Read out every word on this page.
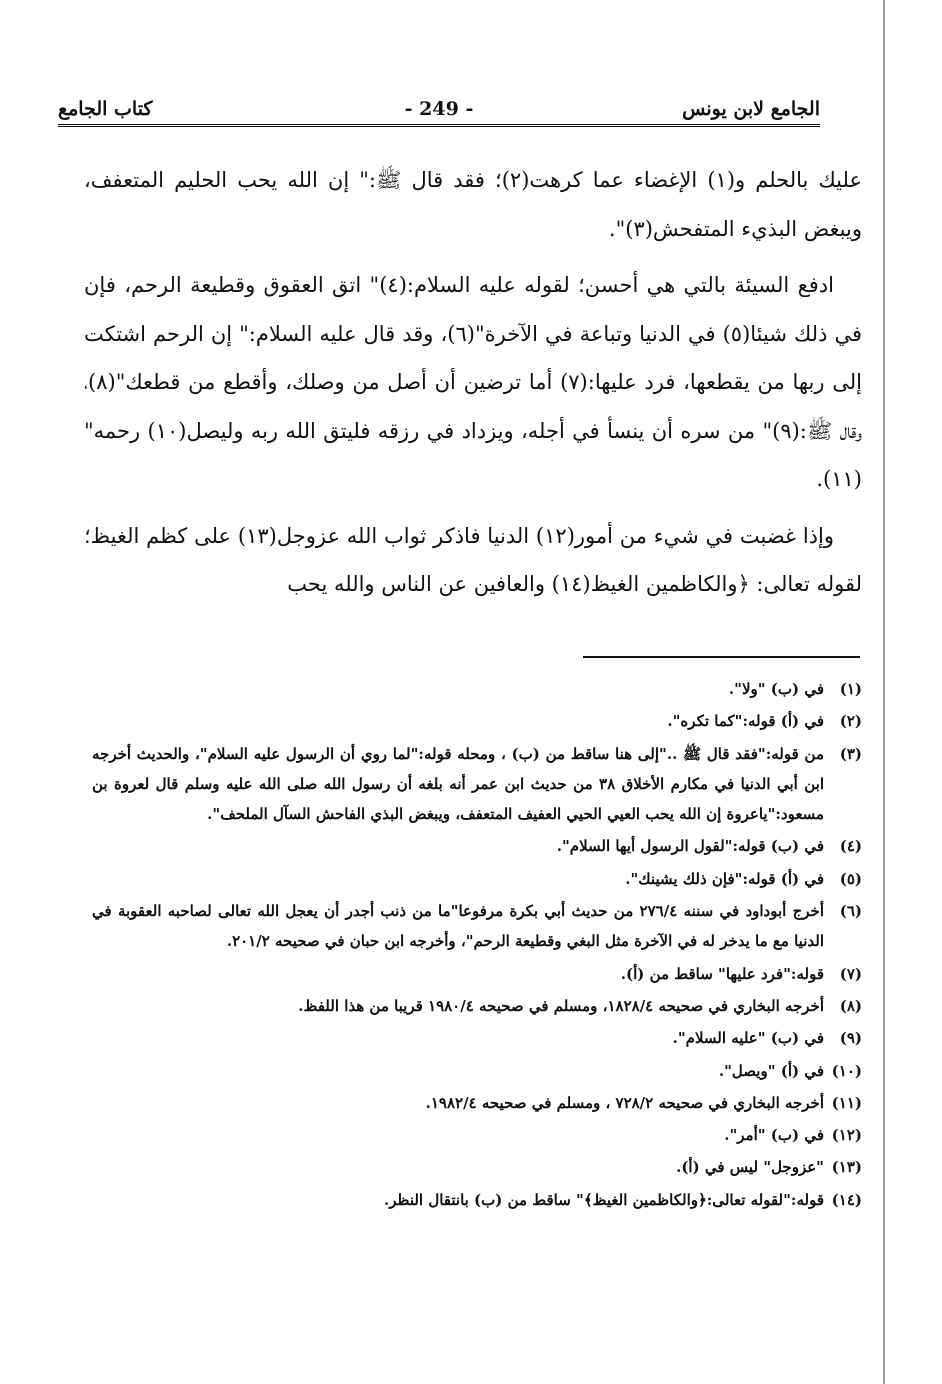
الجامع لابن يونس
- 249 -
كتاب الجامع

عليك بالحلم و(١) الإغضاء عما كرهت(٢)؛ فقد قال ﷺ:" إن الله يحب الحليم المتعفف، ويبغض البذيء المتفحش(٣)".

ادفع السيئة بالتي هي أحسن؛ لقوله عليه السلام:(٤)" اتق العقوق وقطيعة الرحم، فإن في ذلك شيئا(٥) في الدنيا وتباعة في الآخرة"(٦)، وقد قال عليه السلام:" إن الرحم اشتكت إلى ربها من يقطعها، فرد عليها:(٧) أما ترضين أن أصل من وصلك، وأقطع من قطعك"(٨)، وقال ﷺ:(٩)" من سره أن ينسأ في أجله، ويزداد في رزقه فليتق الله ربه وليصل(١٠) رحمه"(١١).

وإذا غضبت في شيء من أمور(١٢) الدنيا فاذكر ثواب الله عزوجل(١٣) على كظم الغيظ؛ لقوله تعالى: ﴿والكاظمين الغيظ(١٤) والعافين عن الناس والله يحب

(١)
في (ب) "ولا".
(٢)
في (أ) قوله:"كما تكره".
(٣)
من قوله:"فقد قال ﷺ .."إلى هنا ساقط من (ب) ، ومحله قوله:"لما روي أن الرسول عليه السلام"، والحديث أخرجه ابن أبي الدنيا في مكارم الأخلاق ٣٨ من حديث ابن عمر أنه بلغه أن رسول الله صلى الله عليه وسلم قال لعروة بن مسعود:"ياعروة إن الله يحب العيي الحيي العفيف المتعفف، ويبغض البذي الفاحش السآل الملحف".
(٤)
في (ب) قوله:"لقول الرسول أيها السلام".
(٥)
في (أ) قوله:"فإن ذلك يشينك".
(٦)
أخرج أبوداود في سننه ٢٧٦/٤ من حديث أبي بكرة مرفوعا"ما من ذنب أجدر أن يعجل الله تعالى لصاحبه العقوبة في الدنيا مع ما يدخر له في الآخرة مثل البغي وقطيعة الرحم"، وأخرجه ابن حبان في صحيحه ٢٠١/٢.
(٧)
قوله:"فرد عليها" ساقط من (أ).
(٨)
أخرجه البخاري في صحيحه ١٨٢٨/٤، ومسلم في صحيحه ١٩٨٠/٤ قريبا من هذا اللفظ.
(٩)
في (ب) "عليه السلام".
(١٠)
في (أ) "ويصل".
(١١)
أخرجه البخاري في صحيحه ٧٢٨/٢ ، ومسلم في صحيحه ١٩٨٢/٤.
(١٢)
في (ب) "أمر".
(١٣)
"عزوجل" ليس في (أ).
(١٤)
قوله:"لقوله تعالى:﴿والكاظمين الغيظ﴾" ساقط من (ب) بانتقال النظر.
